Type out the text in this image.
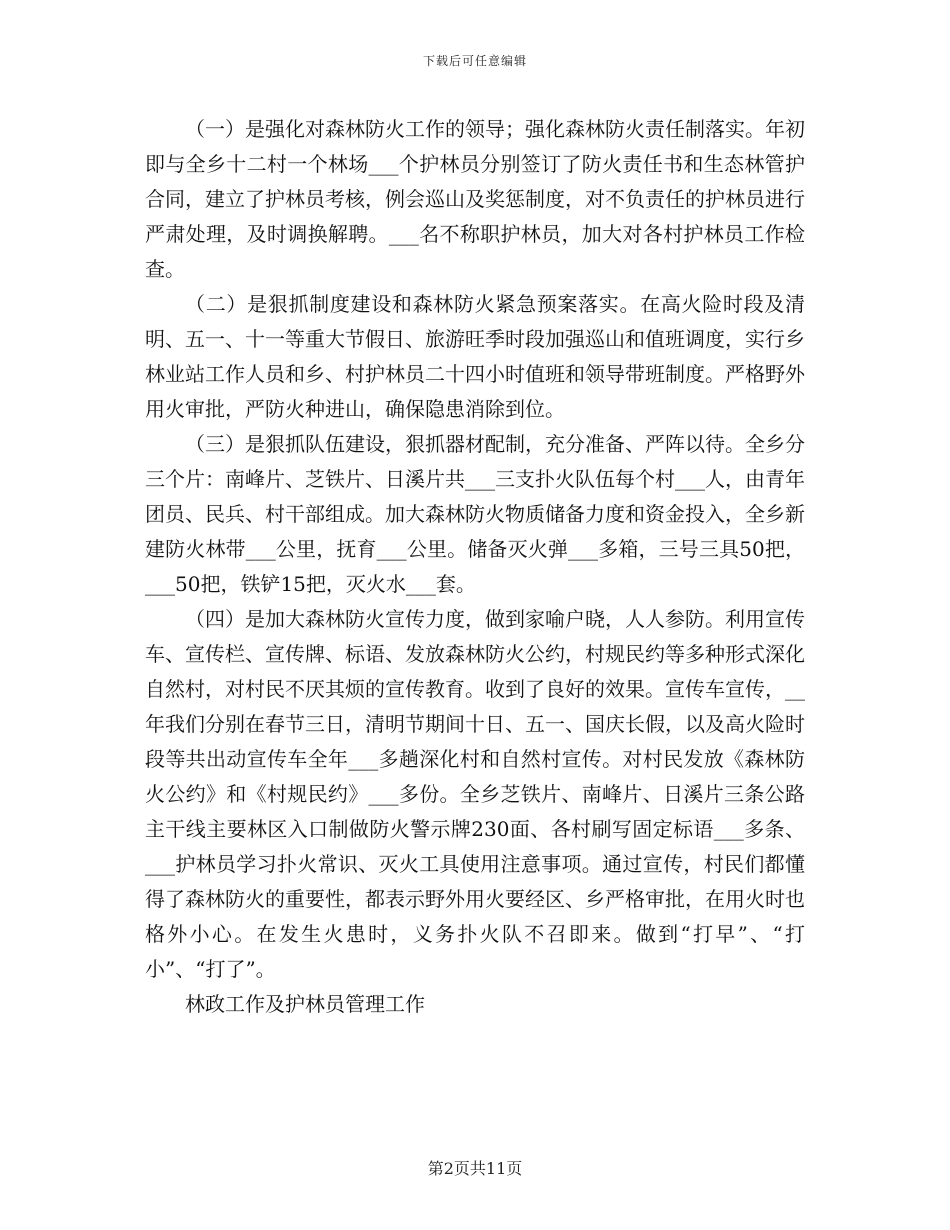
下载后可任意编辑

（一）是强化对森林防火工作的领导；强化森林防火责任制落实。年初即与全乡十二村一个林场___个护林员分别签订了防火责任书和生态林管护合同，建立了护林员考核，例会巡山及奖惩制度，对不负责任的护林员进行严肃处理，及时调换解聘。___名不称职护林员，加大对各村护林员工作检查。

（二）是狠抓制度建设和森林防火紧急预案落实。在高火险时段及清明、五一、十一等重大节假日、旅游旺季时段加强巡山和值班调度，实行乡林业站工作人员和乡、村护林员二十四小时值班和领导带班制度。严格野外用火审批，严防火种进山，确保隐患消除到位。

（三）是狠抓队伍建设，狠抓器材配制，充分准备、严阵以待。全乡分三个片：南峰片、芝铁片、日溪片共___三支扑火队伍每个村___人，由青年团员、民兵、村干部组成。加大森林防火物质储备力度和资金投入，全乡新建防火林带___公里，抚育___公里。储备灭火弹___多箱，三号三具50把，___50把，铁铲15把，灭火水___套。

（四）是加大森林防火宣传力度，做到家喻户晓，人人参防。利用宣传车、宣传栏、宣传牌、标语、发放森林防火公约，村规民约等多种形式深化自然村，对村民不厌其烦的宣传教育。收到了良好的效果。宣传车宣传，__年我们分别在春节三日，清明节期间十日、五一、国庆长假，以及高火险时段等共出动宣传车全年___多趟深化村和自然村宣传。对村民发放《森林防火公约》和《村规民约》___多份。全乡芝铁片、南峰片、日溪片三条公路主干线主要林区入口制做防火警示牌230面、各村刷写固定标语___多条、___护林员学习扑火常识、灭火工具使用注意事项。通过宣传，村民们都懂得了森林防火的重要性，都表示野外用火要经区、乡严格审批，在用火时也格外小心。在发生火患时，义务扑火队不召即来。做到“打早”、“打小”、“打了”。

林政工作及护林员管理工作

第2页共11页
